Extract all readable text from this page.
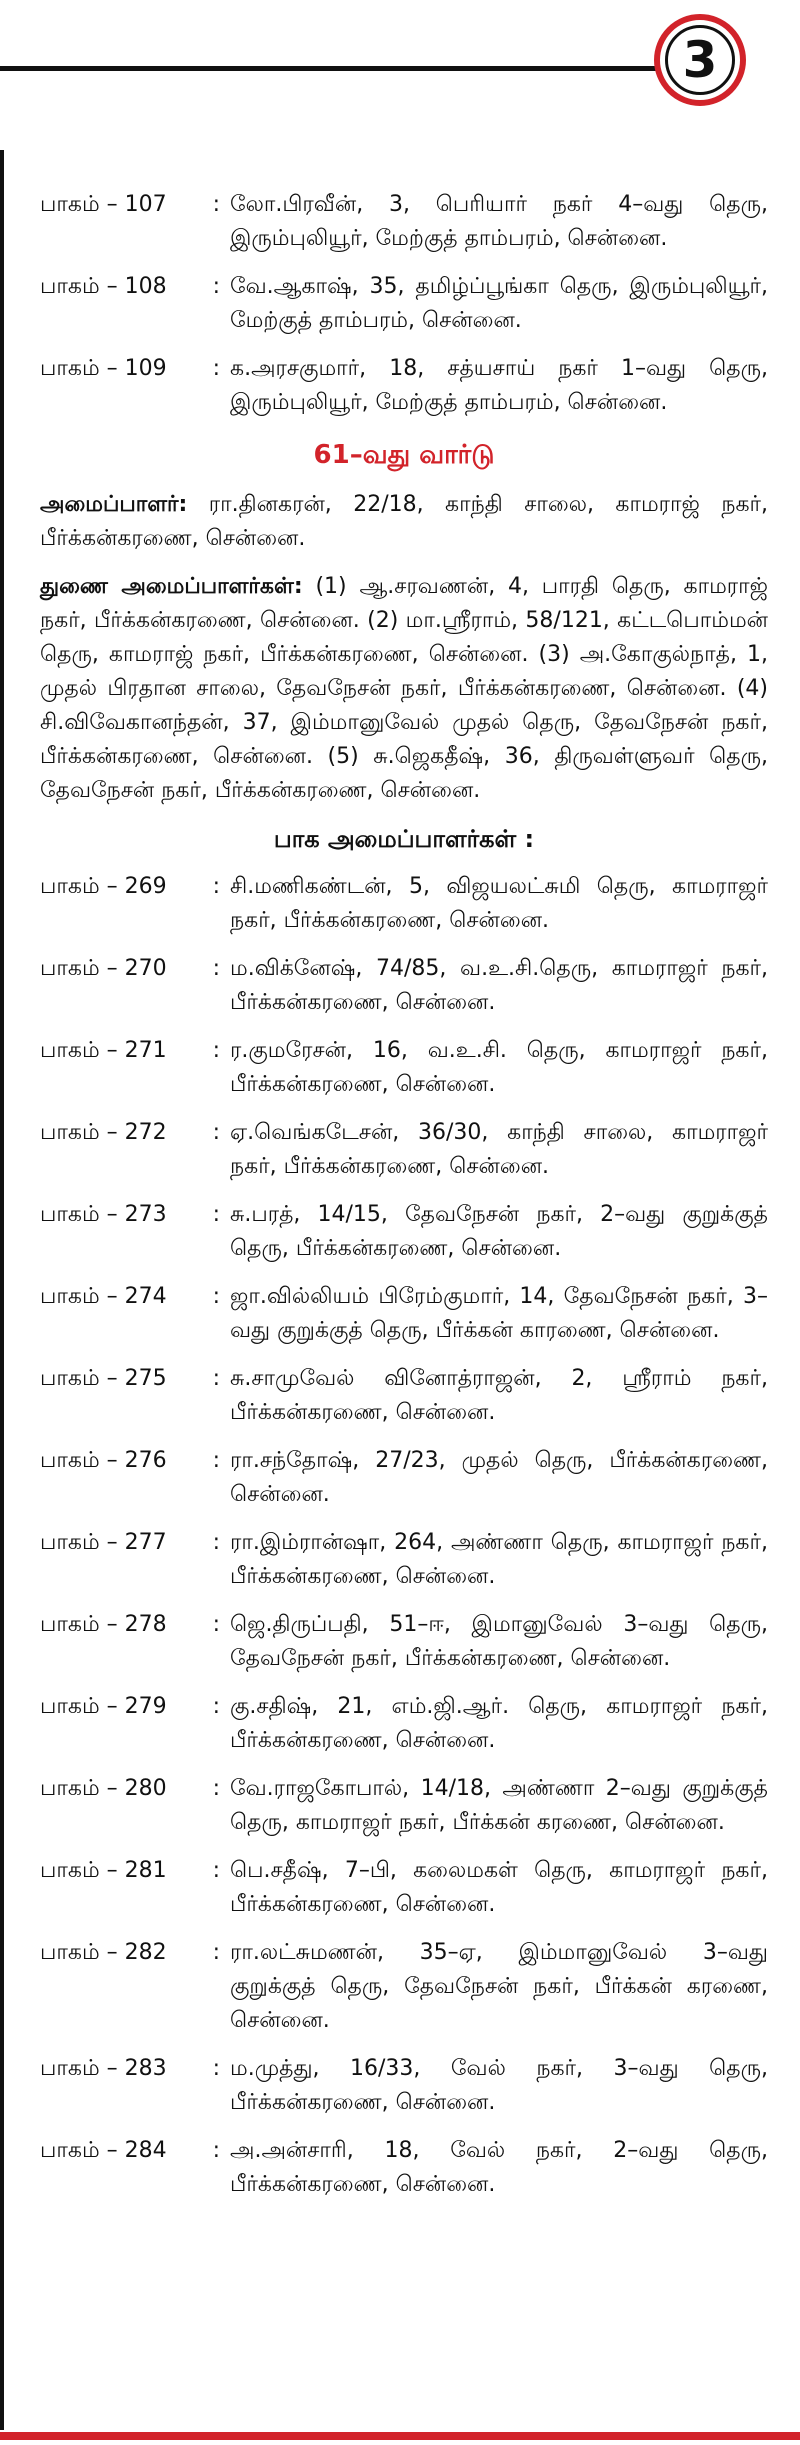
3
:
பாகம் – 107	லோ.பிரவீன், 3, பெரியார் நகர் 4–வது தெரு, இரும்புலியூர், மேற்குத் தாம்பரம், சென்னை.
:
பாகம் – 108	வே.ஆகாஷ், 35, தமிழ்ப்பூங்கா தெரு, இரும்புலியூர், மேற்குத் தாம்பரம், சென்னை.
:
பாகம் – 109	க.அரசகுமார், 18, சத்யசாய் நகர் 1–வது தெரு, இரும்புலியூர், மேற்குத் தாம்பரம், சென்னை.
61–வது வார்டு
அமைப்பாளர்: ரா.தினகரன், 22/18, காந்தி சாலை, காமராஜ் நகர், பீர்க்கன்கரணை, சென்னை.
துணை அமைப்பாளர்கள்: (1) ஆ.சரவணன், 4, பாரதி தெரு, காமராஜ் நகர், பீர்க்கன்கரணை, சென்னை. (2) மா.ஸ்ரீராம், 58/121, கட்டபொம்மன் தெரு, காமராஜ் நகர், பீர்க்கன்கரணை, சென்னை. (3) அ.கோகுல்நாத், 1, முதல் பிரதான சாலை, தேவநேசன் நகர், பீர்க்கன்கரணை, சென்னை. (4) சி.விவேகானந்தன், 37, இம்மானுவேல் முதல் தெரு, தேவநேசன் நகர், பீர்க்கன்கரணை, சென்னை. (5) சு.ஜெகதீஷ், 36, திருவள்ளுவர் தெரு, தேவநேசன் நகர், பீர்க்கன்கரணை, சென்னை.
பாக அமைப்பாளர்கள் :
:
பாகம் – 269	சி.மணிகண்டன், 5, விஜயலட்சுமி தெரு, காமராஜர் நகர், பீர்க்கன்கரணை, சென்னை.
:
பாகம் – 270	ம.விக்னேஷ், 74/85, வ.உ.சி.தெரு, காமராஜர் நகர், பீர்க்கன்கரணை, சென்னை.
:
பாகம் – 271	ர.குமரேசன், 16, வ.உ.சி. தெரு, காமராஜர் நகர், பீர்க்கன்கரணை, சென்னை.
:
பாகம் – 272	ஏ.வெங்கடேசன், 36/30, காந்தி சாலை, காமராஜர் நகர், பீர்க்கன்கரணை, சென்னை.
:
பாகம் – 273	சு.பரத், 14/15, தேவநேசன் நகர், 2–வது குறுக்குத் தெரு, பீர்க்கன்கரணை, சென்னை.
:
பாகம் – 274	ஜா.வில்லியம் பிரேம்குமார், 14, தேவநேசன் நகர், 3–வது குறுக்குத் தெரு, பீர்க்கன் காரணை, சென்னை.
:
பாகம் – 275	சு.சாமுவேல் வினோத்ராஜன், 2, ஸ்ரீராம் நகர், பீர்க்கன்கரணை, சென்னை.
:
பாகம் – 276	ரா.சந்தோஷ், 27/23, முதல் தெரு, பீர்க்கன்கரணை, சென்னை.
:
பாகம் – 277	ரா.இம்ரான்ஷா, 264, அண்ணா தெரு, காமராஜர் நகர், பீர்க்கன்கரணை, சென்னை.
:
பாகம் – 278	ஜெ.திருப்பதி, 51–ஈ, இமானுவேல் 3–வது தெரு, தேவநேசன் நகர், பீர்க்கன்கரணை, சென்னை.
:
பாகம் – 279	கு.சதிஷ், 21, எம்.ஜி.ஆர். தெரு, காமராஜர் நகர், பீர்க்கன்கரணை, சென்னை.
:
பாகம் – 280	வே.ராஜகோபால், 14/18, அண்ணா 2–வது குறுக்குத் தெரு, காமராஜர் நகர், பீர்க்கன் கரணை, சென்னை.
:
பாகம் – 281	பெ.சதீஷ், 7–பி, கலைமகள் தெரு, காமராஜர் நகர், பீர்க்கன்கரணை, சென்னை.
:
பாகம் – 282	ரா.லட்சுமணன், 35–ஏ, இம்மானுவேல் 3–வது குறுக்குத் தெரு, தேவநேசன் நகர், பீர்க்கன் கரணை, சென்னை.
:
பாகம் – 283	ம.முத்து, 16/33, வேல் நகர், 3–வது தெரு, பீர்க்கன்கரணை, சென்னை.
:
பாகம் – 284	அ.அன்சாரி, 18, வேல் நகர், 2–வது தெரு, பீர்க்கன்கரணை, சென்னை.
